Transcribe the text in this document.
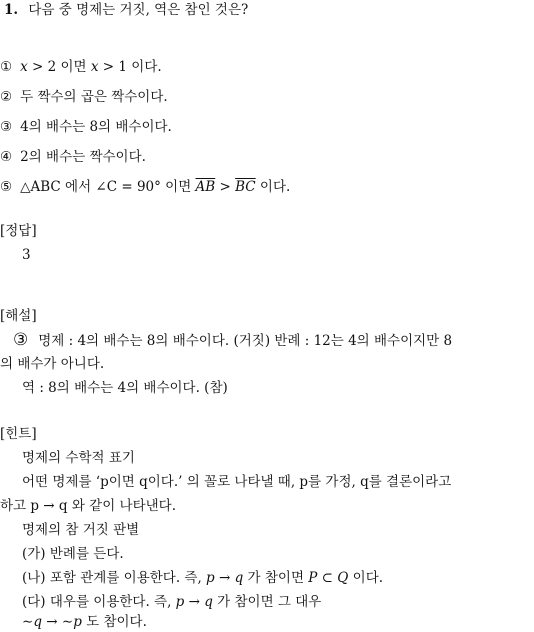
1. 다음 중 명제는 거짓, 역은 참인 것은?
① x > 2 이면 x > 1 이다.
② 두 짝수의 곱은 짝수이다.
③ 4의 배수는 8의 배수이다.
④ 2의 배수는 짝수이다.
⑤ △ABC 에서 ∠C = 90° 이면 $\overline{AB} > \overline{BC}$ 이다.
[정답]
3
[해설]
③ 명제 : 4의 배수는 8의 배수이다. (거짓) 반례 : 12는 4의 배수이지만 8
의 배수가 아니다.
역 : 8의 배수는 4의 배수이다. (참)
[힌트]
명제의 수학적 표기
어떤 명제를 ‘p이면 q이다.’ 의 꼴로 나타낼 때, p를 가정, q를 결론이라고
하고 p → q 와 같이 나타낸다.
명제의 참 거짓 판별
(가) 반례를 든다.
(나) 포함 관계를 이용한다. 즉, p → q 가 참이면 P ⊂ Q 이다.
(다) 대우를 이용한다. 즉, p → q 가 참이면 그 대우
∼q → ∼p 도 참이다.
